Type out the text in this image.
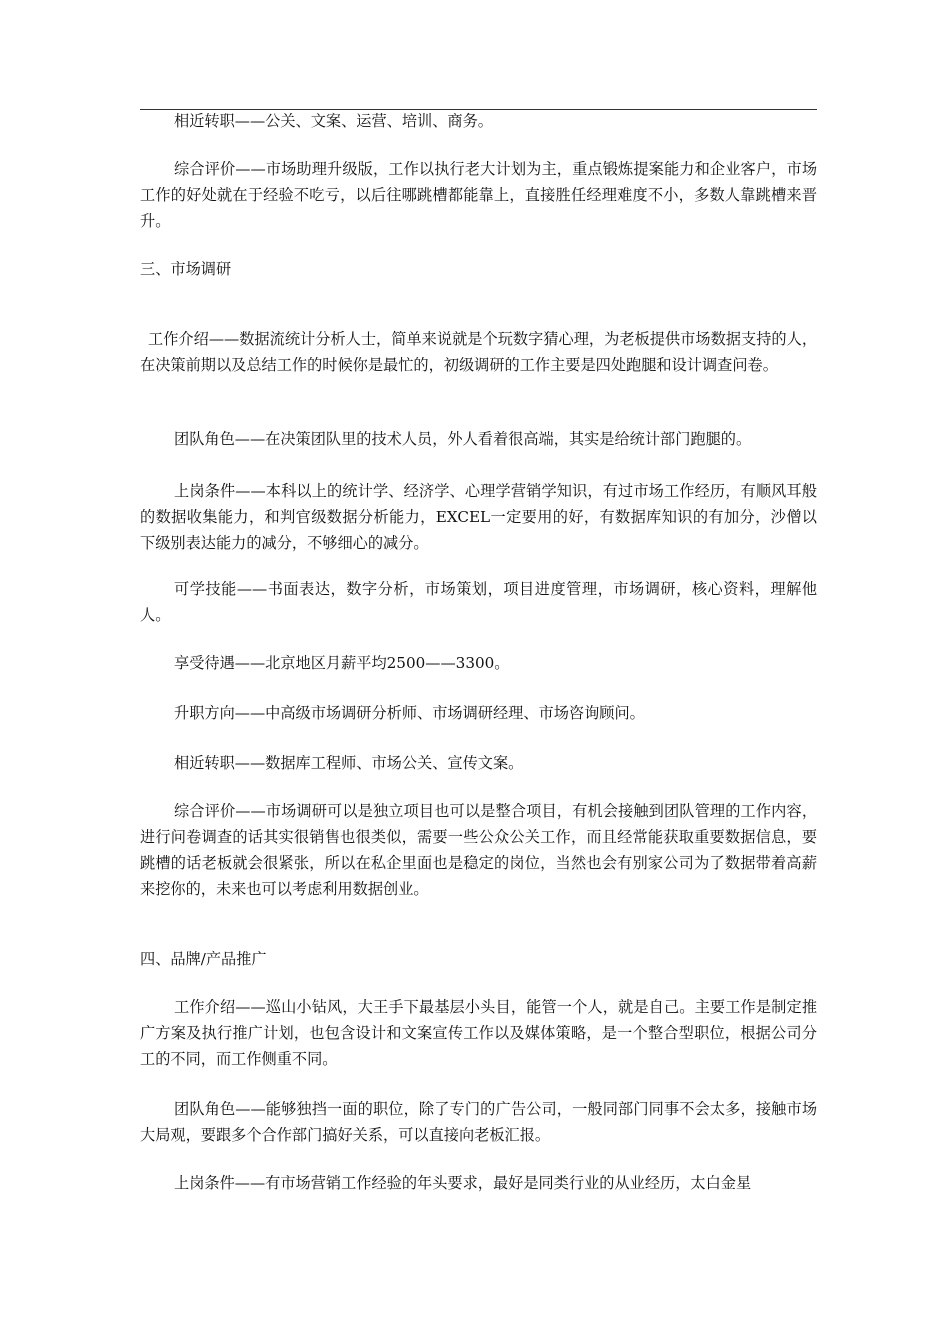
相近转职——公关、文案、运营、培训、商务。

综合评价——市场助理升级版，工作以执行老大计划为主，重点锻炼提案能力和企业客户，市场工作的好处就在于经验不吃亏，以后往哪跳槽都能靠上，直接胜任经理难度不小，多数人靠跳槽来晋升。

三、市场调研

工作介绍——数据流统计分析人士，简单来说就是个玩数字猜心理，为老板提供市场数据支持的人，在决策前期以及总结工作的时候你是最忙的，初级调研的工作主要是四处跑腿和设计调查问卷。

团队角色——在决策团队里的技术人员，外人看着很高端，其实是给统计部门跑腿的。

上岗条件——本科以上的统计学、经济学、心理学营销学知识，有过市场工作经历，有顺风耳般的数据收集能力，和判官级数据分析能力，EXCEL一定要用的好，有数据库知识的有加分，沙僧以下级别表达能力的减分，不够细心的减分。

可学技能——书面表达，数字分析，市场策划，项目进度管理，市场调研，核心资料，理解他人。

享受待遇——北京地区月薪平均2500——3300。

升职方向——中高级市场调研分析师、市场调研经理、市场咨询顾问。

相近转职——数据库工程师、市场公关、宣传文案。

综合评价——市场调研可以是独立项目也可以是整合项目，有机会接触到团队管理的工作内容，进行问卷调查的话其实很销售也很类似，需要一些公众公关工作，而且经常能获取重要数据信息，要跳槽的话老板就会很紧张，所以在私企里面也是稳定的岗位，当然也会有别家公司为了数据带着高薪来挖你的，未来也可以考虑利用数据创业。

四、品牌/产品推广

工作介绍——巡山小钻风，大王手下最基层小头目，能管一个人，就是自己。主要工作是制定推广方案及执行推广计划，也包含设计和文案宣传工作以及媒体策略，是一个整合型职位，根据公司分工的不同，而工作侧重不同。

团队角色——能够独挡一面的职位，除了专门的广告公司，一般同部门同事不会太多，接触市场大局观，要跟多个合作部门搞好关系，可以直接向老板汇报。

上岗条件——有市场营销工作经验的年头要求，最好是同类行业的从业经历，太白金星
